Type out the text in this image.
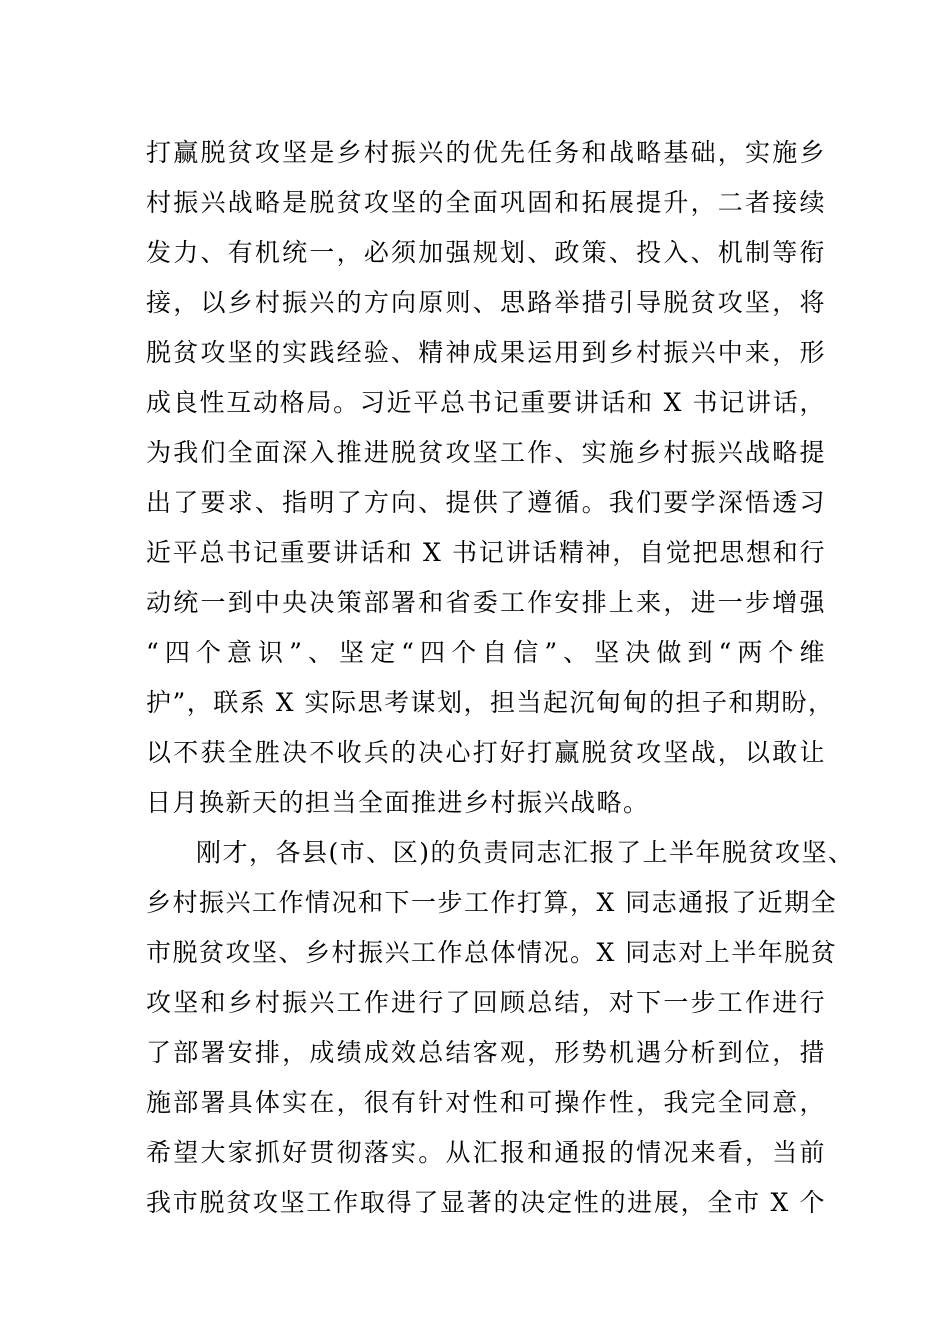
打赢脱贫攻坚是乡村振兴的优先任务和战略基础，实施乡
村振兴战略是脱贫攻坚的全面巩固和拓展提升，二者接续
发力、有机统一，必须加强规划、政策、投入、机制等衔
接，以乡村振兴的方向原则、思路举措引导脱贫攻坚，将
脱贫攻坚的实践经验、精神成果运用到乡村振兴中来，形
成良性互动格局。习近平总书记重要讲话和 X 书记讲话，
为我们全面深入推进脱贫攻坚工作、实施乡村振兴战略提
出了要求、指明了方向、提供了遵循。我们要学深悟透习
近平总书记重要讲话和 X 书记讲话精神，自觉把思想和行
动统一到中央决策部署和省委工作安排上来，进一步增强
“四个意识”、坚定“四个自信”、坚决做到“两个维
护”，联系 X 实际思考谋划，担当起沉甸甸的担子和期盼，
以不获全胜决不收兵的决心打好打赢脱贫攻坚战，以敢让
日月换新天的担当全面推进乡村振兴战略。
刚才，各县(市、区)的负责同志汇报了上半年脱贫攻坚、
乡村振兴工作情况和下一步工作打算，X 同志通报了近期全
市脱贫攻坚、乡村振兴工作总体情况。X 同志对上半年脱贫
攻坚和乡村振兴工作进行了回顾总结，对下一步工作进行
了部署安排，成绩成效总结客观，形势机遇分析到位，措
施部署具体实在，很有针对性和可操作性，我完全同意，
希望大家抓好贯彻落实。从汇报和通报的情况来看，当前
我市脱贫攻坚工作取得了显著的决定性的进展，全市 X 个
